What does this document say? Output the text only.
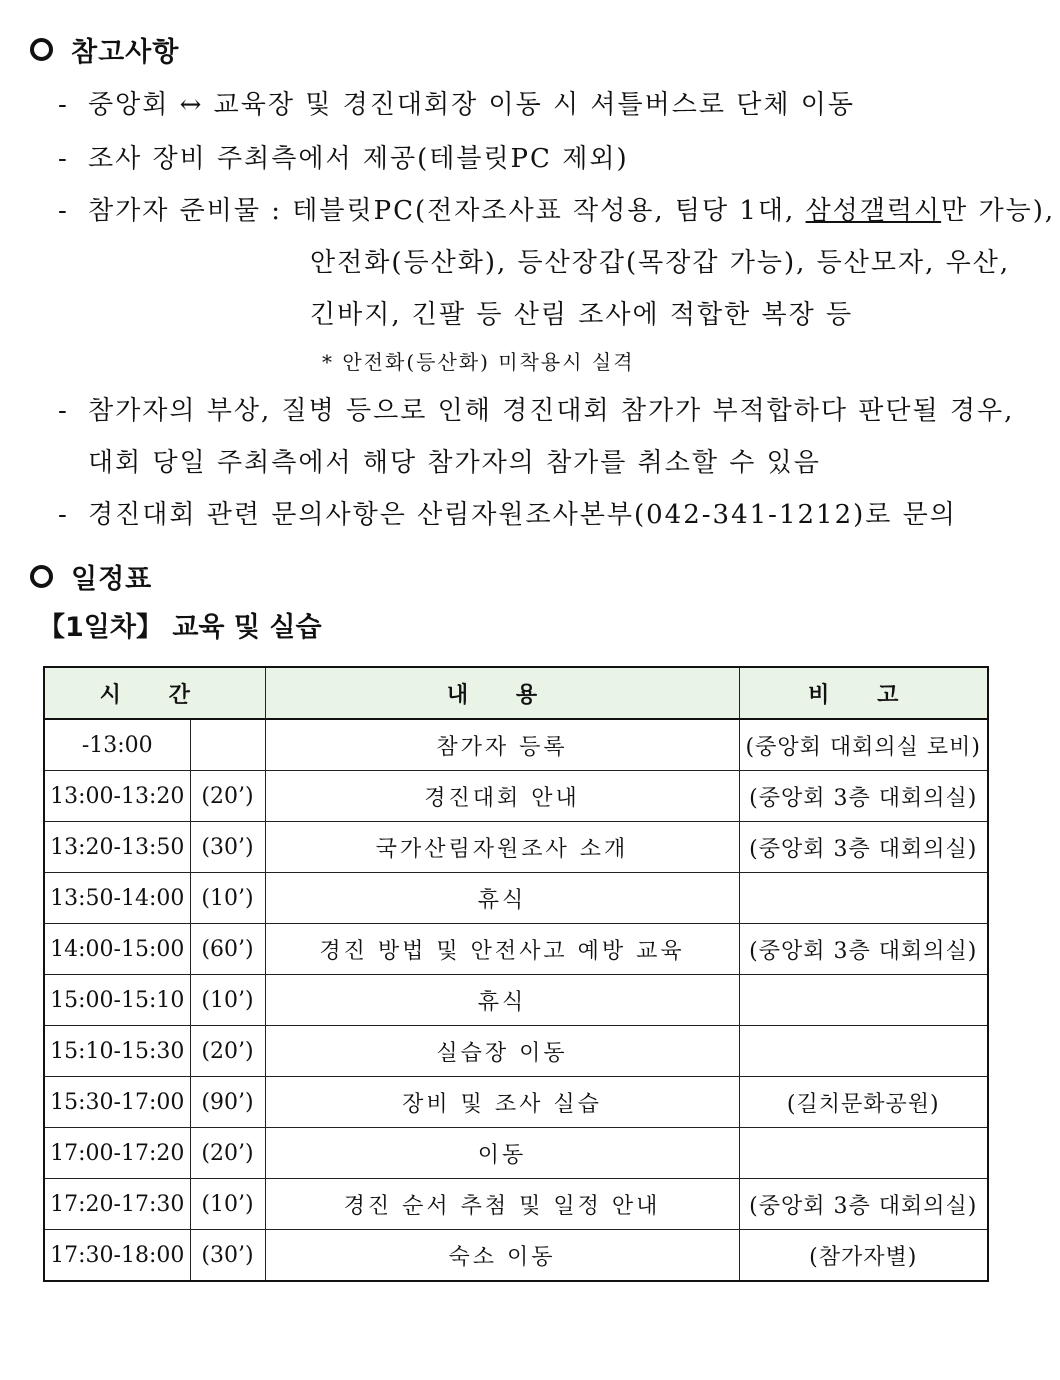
참고사항
- 중앙회 ↔ 교육장 및 경진대회장 이동 시 셔틀버스로 단체 이동
- 조사 장비 주최측에서 제공(테블릿PC 제외)
- 참가자 준비물 : 테블릿PC(전자조사표 작성용, 팀당 1대, 삼성갤럭시만 가능),
안전화(등산화), 등산장갑(목장갑 가능), 등산모자, 우산,
긴바지, 긴팔 등 산림 조사에 적합한 복장 등
* 안전화(등산화) 미착용시 실격
- 참가자의 부상, 질병 등으로 인해 경진대회 참가가 부적합하다 판단될 경우,
대회 당일 주최측에서 해당 참가자의 참가를 취소할 수 있음
- 경진대회 관련 문의사항은 산림자원조사본부(042-341-1212)로 문의
일정표
【1일차】 교육 및 실습
시 간		내 용	비 고
-13:00		참가자 등록	(중앙회 대회의실 로비)
13:00-13:20	(20’)	경진대회 안내	(중앙회 3층 대회의실)
13:20-13:50	(30’)	국가산림자원조사 소개	(중앙회 3층 대회의실)
13:50-14:00	(10’)	휴식	
14:00-15:00	(60’)	경진 방법 및 안전사고 예방 교육	(중앙회 3층 대회의실)
15:00-15:10	(10’)	휴식	
15:10-15:30	(20’)	실습장 이동	
15:30-17:00	(90’)	장비 및 조사 실습	(길치문화공원)
17:00-17:20	(20’)	이동	
17:20-17:30	(10’)	경진 순서 추첨 및 일정 안내	(중앙회 3층 대회의실)
17:30-18:00	(30’)	숙소 이동	(참가자별)
